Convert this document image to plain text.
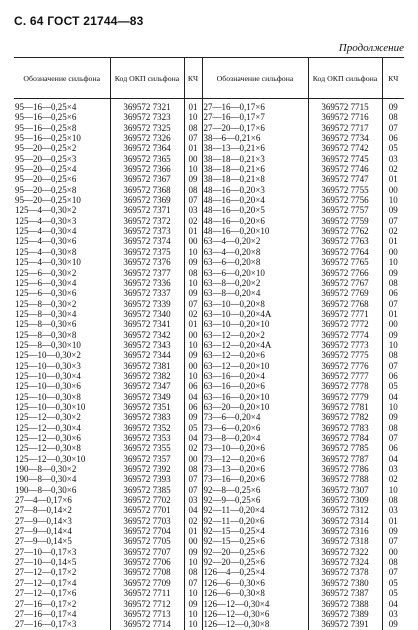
С. 64 ГОСТ 21744—83
Продолжение
Обозначение сильфона	Код ОКП сильфона	КЧ	Обозначение сильфона	Код ОКП сильфона	КЧ
95—16—0,25×4	369572 7321	01	27—16—0,17×6	369572 7715	09
95—16—0,25×6	369572 7323	10	27—16—0,17×7	369572 7716	08
95—16—0,25×8	369572 7325	08	27—20—0,17×6	369572 7717	07
95—16—0,25×10	369572 7326	07	38—6—0,21×6	369572 7734	06
95—20—0,25×2	369572 7364	01	38—13—0,21×6	369572 7742	05
95—20—0,25×3	369572 7365	00	38—18—0,21×3	369572 7745	03
95—20—0,25×4	369572 7366	10	38—18—0,21×6	369572 7746	02
95—20—0,25×6	369572 7367	09	38—18—0,21×8	369572 7747	01
95—20—0,25×8	369572 7368	08	48—16—0,20×3	369572 7755	00
95—20—0,25×10	369572 7369	07	48—16—0,20×4	369572 7756	10
125—4—0,30×2	369572 7371	03	48—16—0,20×5	369572 7757	09
125—4—0,30×3	369572 7372	02	48—16—0,20×6	369572 7759	07
125—4—0,30×4	369572 7373	01	48—16—0,20×10	369572 7762	02
125—4—0,30×6	369572 7374	00	63—4—0,20×2	369572 7763	01
125—4—0,30×8	369572 7375	10	63—4—0,20×8	369572 7764	00
125—4—0,30×10	369572 7376	09	63—6—0,20×8	369572 7765	10
125—6—0,30×2	369572 7377	08	63—6—0,20×10	369572 7766	09
125—6—0,30×4	369572 7336	10	63—8—0,20×2	369572 7767	08
125—6—0,30×6	369572 7337	09	63—8—0,20×4	369572 7769	06
125—8—0,30×2	369572 7339	07	63—10—0,20×8	369572 7768	07
125—8—0,30×4	369572 7340	02	63—10—0,20×4A	369572 7771	01
125—8—0,30×6	369572 7341	01	63—10—0,20×10	369572 7772	00
125—8—0,30×8	369572 7342	00	63—12—0,20×2	369572 7774	09
125—8—0,30×10	369572 7343	10	63—12—0,20×4A	369572 7773	10
125—10—0,30×2	369572 7344	09	63—12—0,20×6	369572 7775	08
125—10—0,30×3	369572 7381	00	63—12—0,20×10	369572 7776	07
125—10—0,30×4	369572 7382	10	63—16—0,20×4	369572 7777	06
125—10—0,30×6	369572 7347	06	63—16—0,20×6	369572 7778	05
125—10—0,30×8	369572 7349	04	63—16—0,20×10	369572 7779	04
125—10—0,30×10	369572 7351	06	63—20—0,20×10	369572 7781	10
125—12—0,30×2	369572 7383	09	73—6—0,20×4	369572 7782	09
125—12—0,30×4	369572 7352	05	73—6—0,20×6	369572 7783	08
125—12—0,30×6	369572 7353	04	73—8—0,20×4	369572 7784	07
125—12—0,30×8	369572 7355	02	73—10—0,20×6	369572 7785	06
125—12—0,30×10	369572 7357	00	73—12—0,20×6	369572 7787	04
190—8—0,30×2	369572 7392	08	73—13—0,20×6	369572 7786	03
190—8—0,30×4	369572 7393	07	73—16—0,20×6	369572 7788	02
190—8—0,30×6	369572 7385	07	92—8—0,25×6	369572 7307	10
27—4—0,17×6	369572 7702	03	92—9—0,25×6	369572 7309	08
27—8—0,14×2	369572 7701	04	92—11—0,20×4	369572 7312	03
27—9—0,14×3	369572 7703	02	92—11—0,20×6	369572 7314	01
27—9—0,14×4	369572 7704	01	92—15—0,25×4	369572 7316	09
27—9—0,14×5	369572 7705	00	92—15—0,25×6	369572 7318	07
27—10—0,17×3	369572 7707	09	92—20—0,25×6	369572 7322	00
27—10—0,14×5	369572 7706	10	92—20—0,25×6	369572 7324	08
27—12—0,17×2	369572 7708	08	126—4—0,25×4	369572 7378	07
27—12—0,17×4	369572 7709	07	126—6—0,30×6	369572 7380	05
27—12—0,17×6	369572 7711	10	126—6—0,30×8	369572 7387	05
27—16—0,17×2	369572 7712	09	126—12—0,30×4	369572 7388	04
27—16—0,17×4	369572 7713	10	126—12—0,30×6	369572 7389	03
27—16—0,17×3	369572 7714	10	126—12—0,30×8	369572 7391	09
